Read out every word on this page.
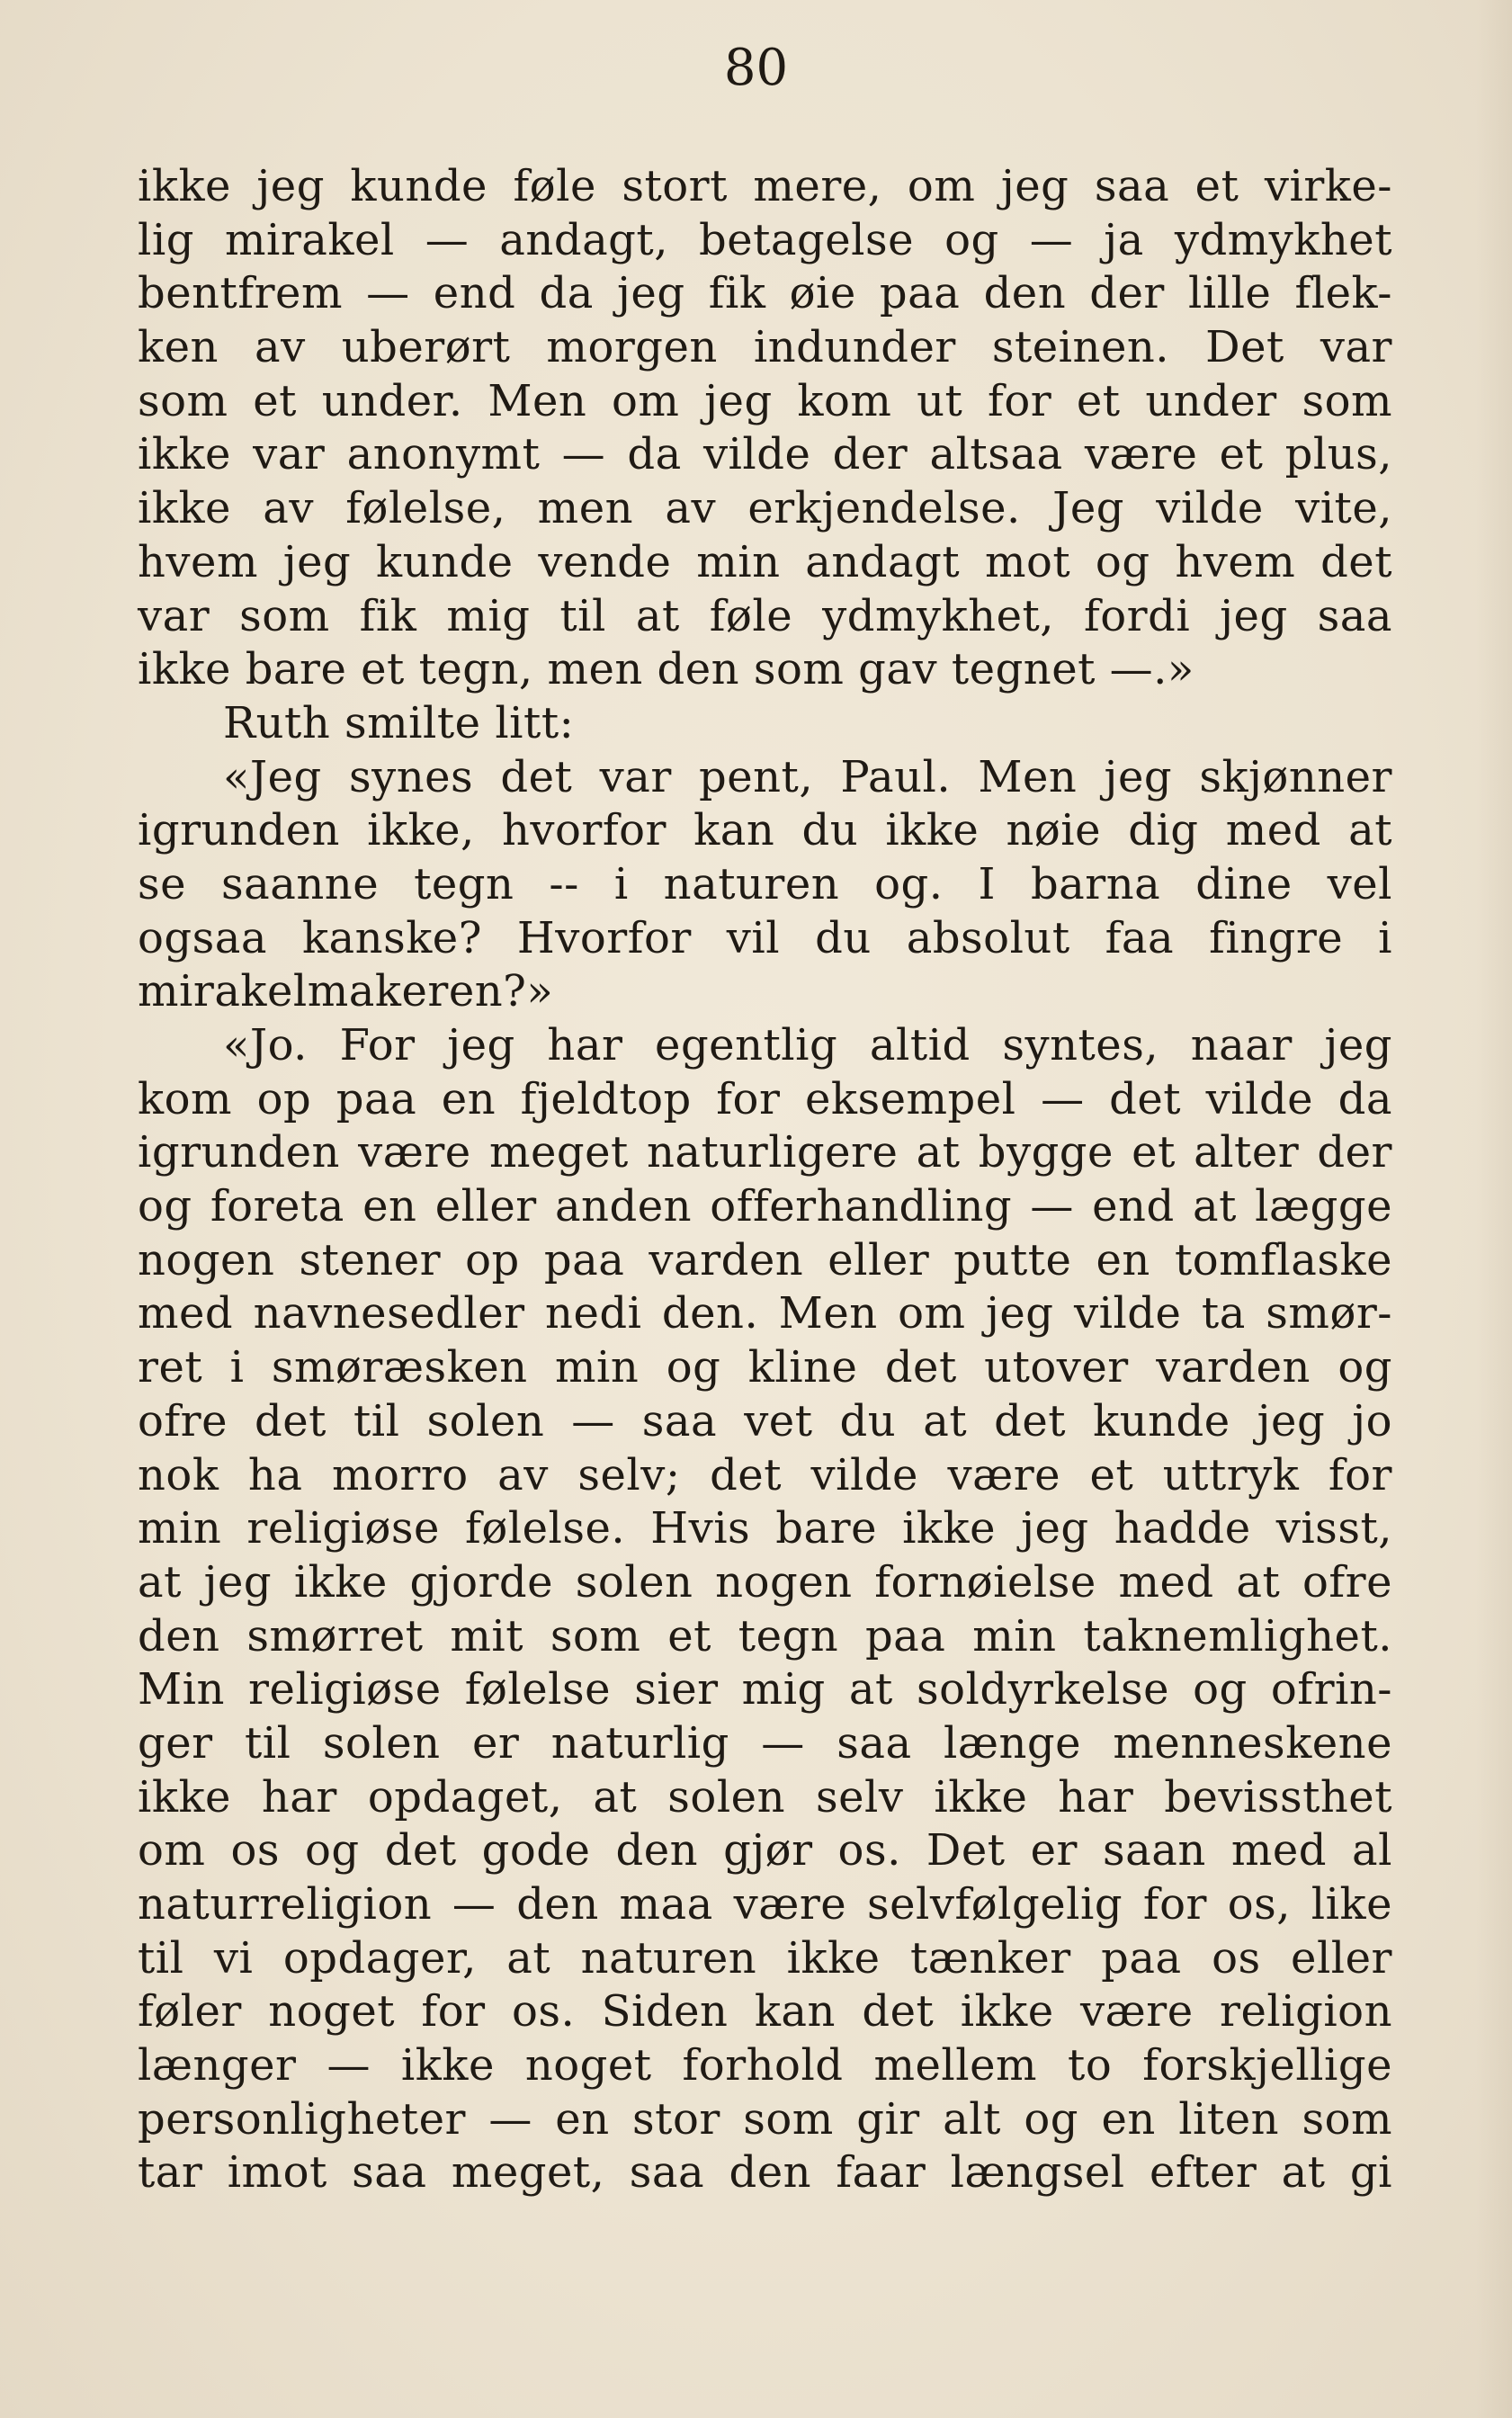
80
ikke jeg kunde føle stort mere, om jeg saa et virke-
lig mirakel — andagt, betagelse og — ja ydmykhet
bentfrem — end da jeg fik øie paa den der lille flek-
ken av uberørt morgen indunder steinen. Det var
som et under. Men om jeg kom ut for et under som
ikke var anonymt — da vilde der altsaa være et plus,
ikke av følelse, men av erkjendelse. Jeg vilde vite,
hvem jeg kunde vende min andagt mot og hvem det
var som fik mig til at føle ydmykhet, fordi jeg saa
ikke bare et tegn, men den som gav tegnet —.»
Ruth smilte litt:
«Jeg synes det var pent, Paul. Men jeg skjønner
igrunden ikke, hvorfor kan du ikke nøie dig med at
se saanne tegn -- i naturen og. I barna dine vel
ogsaa kanske? Hvorfor vil du absolut faa fingre i
mirakelmakeren?»
«Jo. For jeg har egentlig altid syntes, naar jeg
kom op paa en fjeldtop for eksempel — det vilde da
igrunden være meget naturligere at bygge et alter der
og foreta en eller anden offerhandling — end at lægge
nogen stener op paa varden eller putte en tomflaske
med navnesedler nedi den. Men om jeg vilde ta smør-
ret i smøræsken min og kline det utover varden og
ofre det til solen — saa vet du at det kunde jeg jo
nok ha morro av selv; det vilde være et uttryk for
min religiøse følelse. Hvis bare ikke jeg hadde visst,
at jeg ikke gjorde solen nogen fornøielse med at ofre
den smørret mit som et tegn paa min taknemlighet.
Min religiøse følelse sier mig at soldyrkelse og ofrin-
ger til solen er naturlig — saa længe menneskene
ikke har opdaget, at solen selv ikke har bevissthet
om os og det gode den gjør os. Det er saan med al
naturreligion — den maa være selvfølgelig for os, like
til vi opdager, at naturen ikke tænker paa os eller
føler noget for os. Siden kan det ikke være religion
længer — ikke noget forhold mellem to forskjellige
personligheter — en stor som gir alt og en liten som
tar imot saa meget, saa den faar længsel efter at gi
